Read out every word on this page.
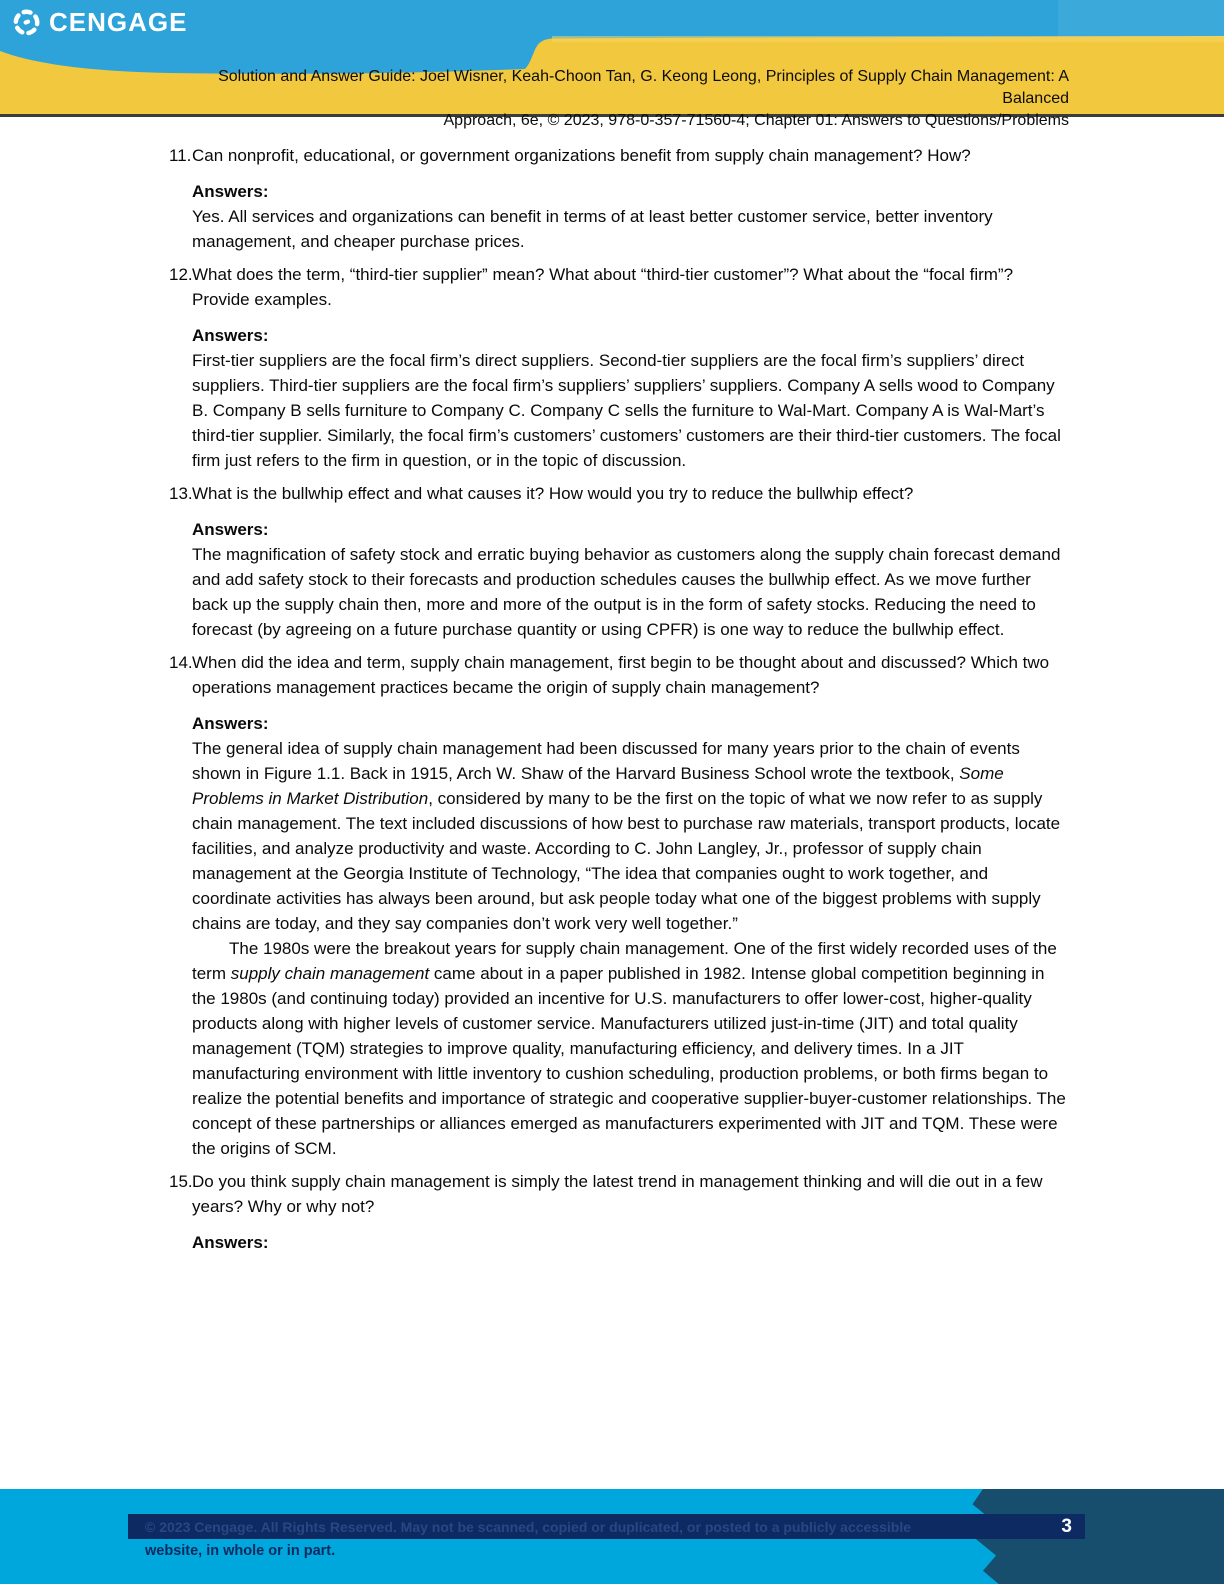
CENGAGE
Solution and Answer Guide: Joel Wisner, Keah-Choon Tan, G. Keong Leong, Principles of Supply Chain Management: A Balanced
Approach, 6e, © 2023, 978-0-357-71560-4; Chapter 01: Answers to Questions/Problems
11. Can nonprofit, educational, or government organizations benefit from supply chain management? How?
Answers:
Yes. All services and organizations can benefit in terms of at least better customer service, better inventory management, and cheaper purchase prices.
12. What does the term, “third-tier supplier” mean? What about “third-tier customer”? What about the “focal firm”? Provide examples.
Answers:
First-tier suppliers are the focal firm’s direct suppliers. Second-tier suppliers are the focal firm’s suppliers’ direct suppliers. Third-tier suppliers are the focal firm’s suppliers’ suppliers’ suppliers. Company A sells wood to Company B. Company B sells furniture to Company C. Company C sells the furniture to Wal-Mart. Company A is Wal-Mart’s third-tier supplier. Similarly, the focal firm’s customers’ customers’ customers are their third-tier customers. The focal firm just refers to the firm in question, or in the topic of discussion.
13. What is the bullwhip effect and what causes it? How would you try to reduce the bullwhip effect?
Answers:
The magnification of safety stock and erratic buying behavior as customers along the supply chain forecast demand and add safety stock to their forecasts and production schedules causes the bullwhip effect. As we move further back up the supply chain then, more and more of the output is in the form of safety stocks. Reducing the need to forecast (by agreeing on a future purchase quantity or using CPFR) is one way to reduce the bullwhip effect.
14. When did the idea and term, supply chain management, first begin to be thought about and discussed? Which two operations management practices became the origin of supply chain management?
Answers:
The general idea of supply chain management had been discussed for many years prior to the chain of events shown in Figure 1.1. Back in 1915, Arch W. Shaw of the Harvard Business School wrote the textbook, Some Problems in Market Distribution, considered by many to be the first on the topic of what we now refer to as supply chain management. The text included discussions of how best to purchase raw materials, transport products, locate facilities, and analyze productivity and waste. According to C. John Langley, Jr., professor of supply chain management at the Georgia Institute of Technology, “The idea that companies ought to work together, and coordinate activities has always been around, but ask people today what one of the biggest problems with supply chains are today, and they say companies don’t work very well together.”
The 1980s were the breakout years for supply chain management. One of the first widely recorded uses of the term supply chain management came about in a paper published in 1982. Intense global competition beginning in the 1980s (and continuing today) provided an incentive for U.S. manufacturers to offer lower-cost, higher-quality products along with higher levels of customer service. Manufacturers utilized just-in-time (JIT) and total quality management (TQM) strategies to improve quality, manufacturing efficiency, and delivery times. In a JIT manufacturing environment with little inventory to cushion scheduling, production problems, or both firms began to realize the potential benefits and importance of strategic and cooperative supplier-buyer-customer relationships. The concept of these partnerships or alliances emerged as manufacturers experimented with JIT and TQM. These were the origins of SCM.
15. Do you think supply chain management is simply the latest trend in management thinking and will die out in a few years? Why or why not?
Answers:
© 2023 Cengage. All Rights Reserved. May not be scanned, copied or duplicated, or posted to a publicly accessible	3
website, in whole or in part.
